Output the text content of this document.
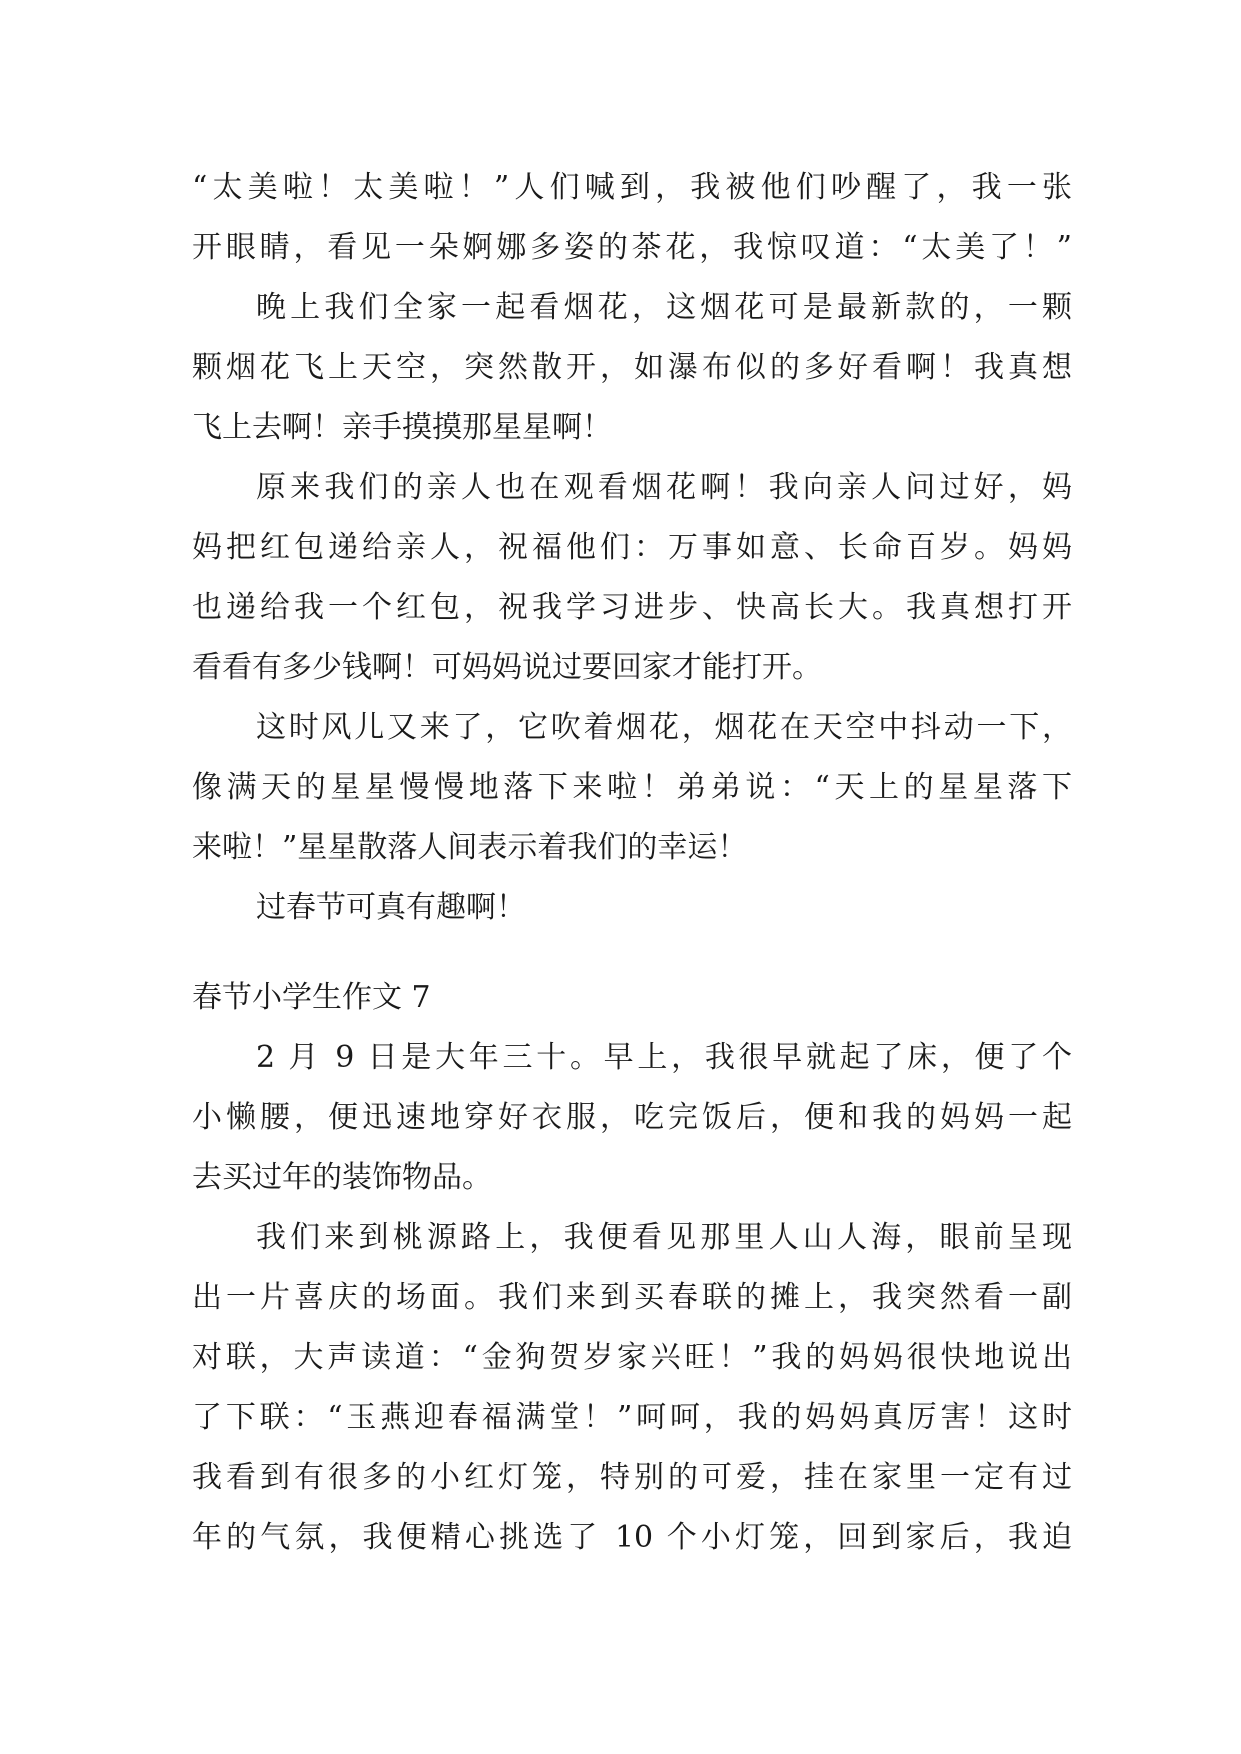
“太美啦！太美啦！”人们喊到，我被他们吵醒了，我一张
开眼睛，看见一朵婀娜多姿的茶花，我惊叹道：“太美了！”
晚上我们全家一起看烟花，这烟花可是最新款的，一颗
颗烟花飞上天空，突然散开，如瀑布似的多好看啊！我真想
飞上去啊！亲手摸摸那星星啊！
原来我们的亲人也在观看烟花啊！我向亲人问过好，妈
妈把红包递给亲人，祝福他们：万事如意、长命百岁。妈妈
也递给我一个红包，祝我学习进步、快高长大。我真想打开
看看有多少钱啊！可妈妈说过要回家才能打开。
这时风儿又来了，它吹着烟花，烟花在天空中抖动一下，
像满天的星星慢慢地落下来啦！弟弟说：“天上的星星落下
来啦！”星星散落人间表示着我们的幸运！
过春节可真有趣啊！
春节小学生作文 7
2 月 9 日是大年三十。早上，我很早就起了床，便了个
小懒腰，便迅速地穿好衣服，吃完饭后，便和我的妈妈一起
去买过年的装饰物品。
我们来到桃源路上，我便看见那里人山人海，眼前呈现
出一片喜庆的场面。我们来到买春联的摊上，我突然看一副
对联，大声读道：“金狗贺岁家兴旺！”我的妈妈很快地说出
了下联：“玉燕迎春福满堂！”呵呵，我的妈妈真厉害！这时
我看到有很多的小红灯笼，特别的可爱，挂在家里一定有过
年的气氛，我便精心挑选了 10 个小灯笼，回到家后，我迫
